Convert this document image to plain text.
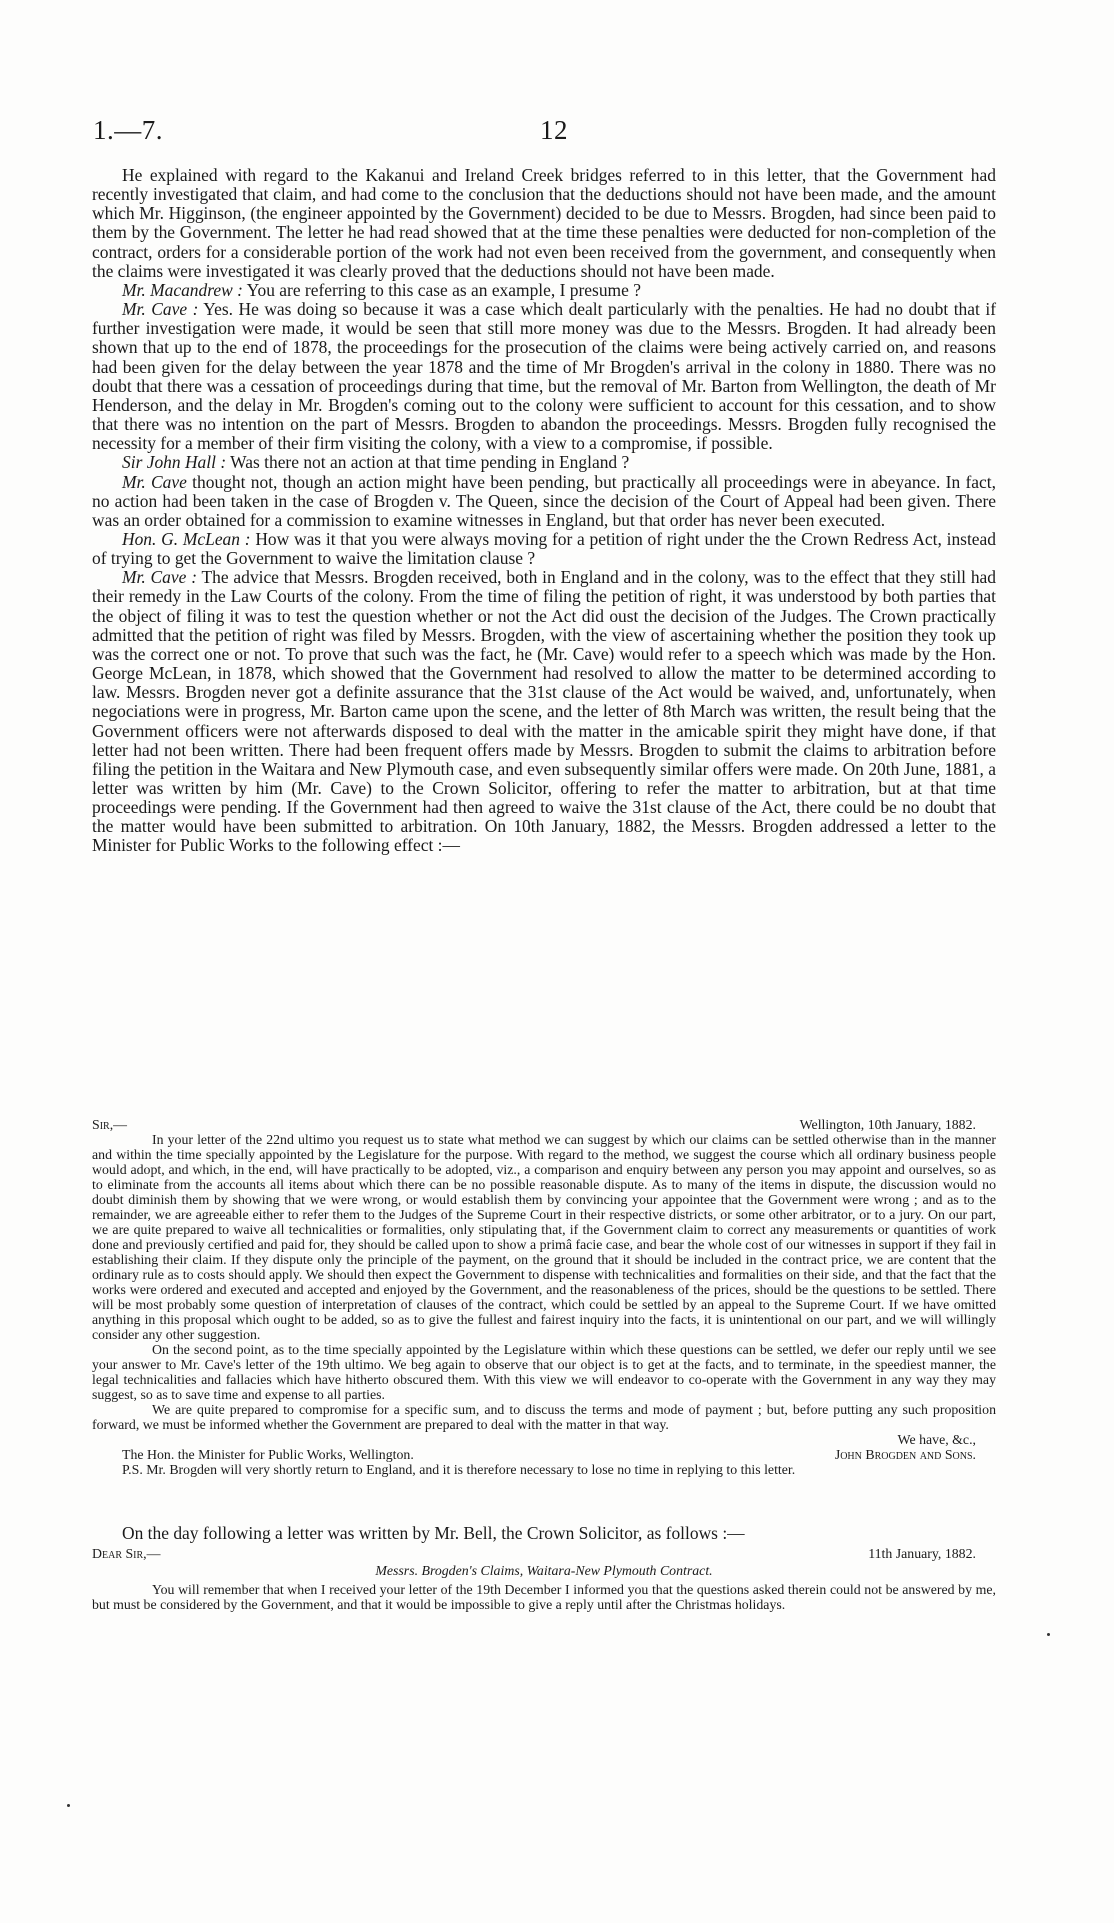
1.—7.	12

He explained with regard to the Kakanui and Ireland Creek bridges referred to in this letter, that the Government had recently investigated that claim, and had come to the conclusion that the deductions should not have been made, and the amount which Mr. Higginson, (the engineer appointed by the Government) decided to be due to Messrs. Brogden, had since been paid to them by the Government. The letter he had read showed that at the time these penalties were deducted for non-completion of the contract, orders for a considerable portion of the work had not even been received from the government, and consequently when the claims were investigated it was clearly proved that the deductions should not have been made.

Mr. Macandrew : You are referring to this case as an example, I presume ?

Mr. Cave : Yes. He was doing so because it was a case which dealt particularly with the penalties. He had no doubt that if further investigation were made, it would be seen that still more money was due to the Messrs. Brogden. It had already been shown that up to the end of 1878, the proceedings for the prosecution of the claims were being actively carried on, and reasons had been given for the delay between the year 1878 and the time of Mr Brogden's arrival in the colony in 1880. There was no doubt that there was a cessation of proceedings during that time, but the removal of Mr. Barton from Wellington, the death of Mr Henderson, and the delay in Mr. Brogden's coming out to the colony were sufficient to account for this cessation, and to show that there was no intention on the part of Messrs. Brogden to abandon the proceedings. Messrs. Brogden fully recognised the necessity for a member of their firm visiting the colony, with a view to a compromise, if possible.

Sir John Hall : Was there not an action at that time pending in England ?

Mr. Cave thought not, though an action might have been pending, but practically all proceedings were in abeyance. In fact, no action had been taken in the case of Brogden v. The Queen, since the decision of the Court of Appeal had been given. There was an order obtained for a commission to examine witnesses in England, but that order has never been executed.

Hon. G. McLean : How was it that you were always moving for a petition of right under the the Crown Redress Act, instead of trying to get the Government to waive the limitation clause ?

Mr. Cave : The advice that Messrs. Brogden received, both in England and in the colony, was to the effect that they still had their remedy in the Law Courts of the colony. From the time of filing the petition of right, it was understood by both parties that the object of filing it was to test the question whether or not the Act did oust the decision of the Judges. The Crown practically admitted that the petition of right was filed by Messrs. Brogden, with the view of ascertaining whether the position they took up was the correct one or not. To prove that such was the fact, he (Mr. Cave) would refer to a speech which was made by the Hon. George McLean, in 1878, which showed that the Government had resolved to allow the matter to be determined according to law. Messrs. Brogden never got a definite assurance that the 31st clause of the Act would be waived, and, unfortunately, when negociations were in progress, Mr. Barton came upon the scene, and the letter of 8th March was written, the result being that the Government officers were not afterwards disposed to deal with the matter in the amicable spirit they might have done, if that letter had not been written. There had been frequent offers made by Messrs. Brogden to submit the claims to arbitration before filing the petition in the Waitara and New Plymouth case, and even subsequently similar offers were made. On 20th June, 1881, a letter was written by him (Mr. Cave) to the Crown Solicitor, offering to refer the matter to arbitration, but at that time proceedings were pending. If the Government had then agreed to waive the 31st clause of the Act, there could be no doubt that the matter would have been submitted to arbitration. On 10th January, 1882, the Messrs. Brogden addressed a letter to the Minister for Public Works to the following effect :—

Sir,—	Wellington, 10th January, 1882.

In your letter of the 22nd ultimo you request us to state what method we can suggest by which our claims can be settled otherwise than in the manner and within the time specially appointed by the Legislature for the purpose. With regard to the method, we suggest the course which all ordinary business people would adopt, and which, in the end, will have practically to be adopted, viz., a comparison and enquiry between any person you may appoint and ourselves, so as to eliminate from the accounts all items about which there can be no possible reasonable dispute. As to many of the items in dispute, the discussion would no doubt diminish them by showing that we were wrong, or would establish them by convincing your appointee that the Government were wrong ; and as to the remainder, we are agreeable either to refer them to the Judges of the Supreme Court in their respective districts, or some other arbitrator, or to a jury. On our part, we are quite prepared to waive all technicalities or formalities, only stipulating that, if the Government claim to correct any measurements or quantities of work done and previously certified and paid for, they should be called upon to show a primâ facie case, and bear the whole cost of our witnesses in support if they fail in establishing their claim. If they dispute only the principle of the payment, on the ground that it should be included in the contract price, we are content that the ordinary rule as to costs should apply. We should then expect the Government to dispense with technicalities and formalities on their side, and that the fact that the works were ordered and executed and accepted and enjoyed by the Government, and the reasonableness of the prices, should be the questions to be settled. There will be most probably some question of interpretation of clauses of the contract, which could be settled by an appeal to the Supreme Court. If we have omitted anything in this proposal which ought to be added, so as to give the fullest and fairest inquiry into the facts, it is unintentional on our part, and we will willingly consider any other suggestion.

On the second point, as to the time specially appointed by the Legislature within which these questions can be settled, we defer our reply until we see your answer to Mr. Cave's letter of the 19th ultimo. We beg again to observe that our object is to get at the facts, and to terminate, in the speediest manner, the legal technicalities and fallacies which have hitherto obscured them. With this view we will endeavor to co-operate with the Government in any way they may suggest, so as to save time and expense to all parties.

We are quite prepared to compromise for a specific sum, and to discuss the terms and mode of payment ; but, before putting any such proposition forward, we must be informed whether the Government are prepared to deal with the matter in that way.

We have, &c.,
The Hon. the Minister for Public Works, Wellington.	John Brogden and Sons.

P.S. Mr. Brogden will very shortly return to England, and it is therefore necessary to lose no time in replying to this letter.

On the day following a letter was written by Mr. Bell, the Crown Solicitor, as follows :—

Dear Sir,—	11th January, 1882.
Messrs. Brogden's Claims, Waitara-New Plymouth Contract.

You will remember that when I received your letter of the 19th December I informed you that the questions asked therein could not be answered by me, but must be considered by the Government, and that it would be impossible to give a reply until after the Christmas holidays.
